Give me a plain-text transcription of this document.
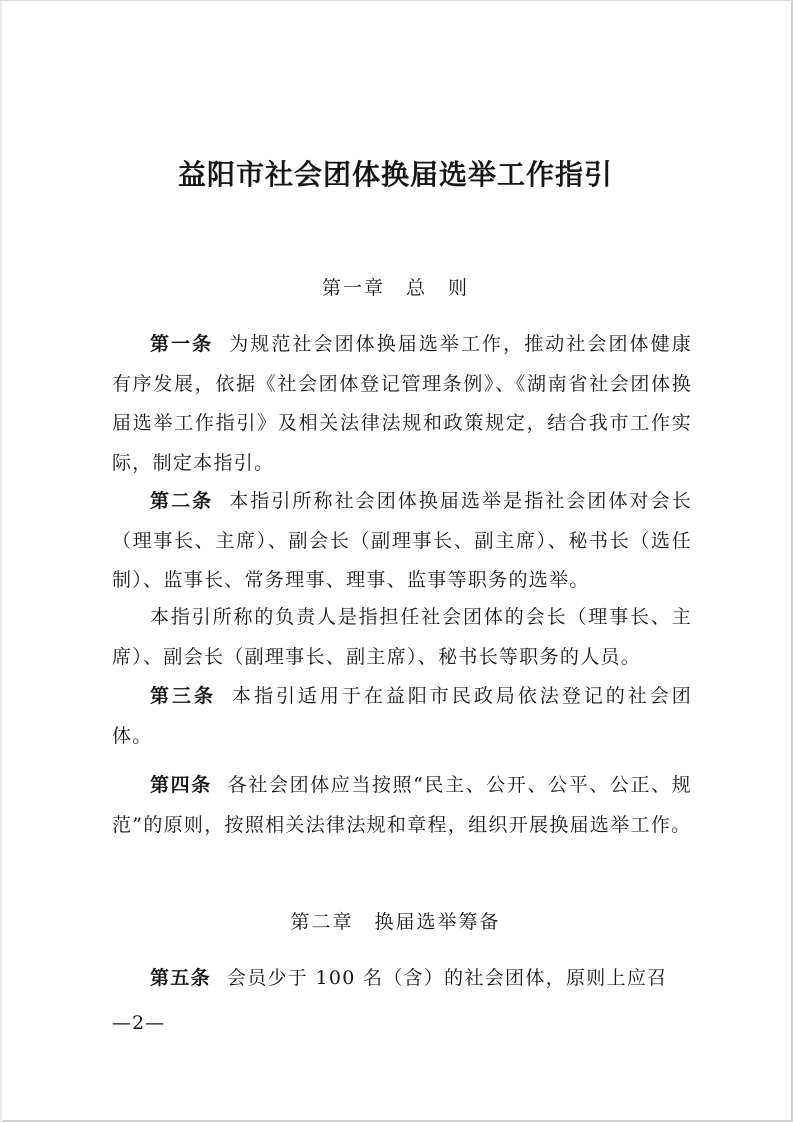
益阳市社会团体换届选举工作指引
第一章　总　则
第一条 为规范社会团体换届选举工作，推动社会团体健康有序发展，依据《社会团体登记管理条例》、《湖南省社会团体换届选举工作指引》及相关法律法规和政策规定，结合我市工作实际，制定本指引。
第二条 本指引所称社会团体换届选举是指社会团体对会长（理事长、主席）、副会长（副理事长、副主席）、秘书长（选任制）、监事长、常务理事、理事、监事等职务的选举。
本指引所称的负责人是指担任社会团体的会长（理事长、主席）、副会长（副理事长、副主席）、秘书长等职务的人员。
第三条 本指引适用于在益阳市民政局依法登记的社会团体。
第四条 各社会团体应当按照“民主、公开、公平、公正、规范”的原则，按照相关法律法规和章程，组织开展换届选举工作。
第二章　换届选举筹备
第五条 会员少于 100 名（含）的社会团体，原则上应召
—2—
